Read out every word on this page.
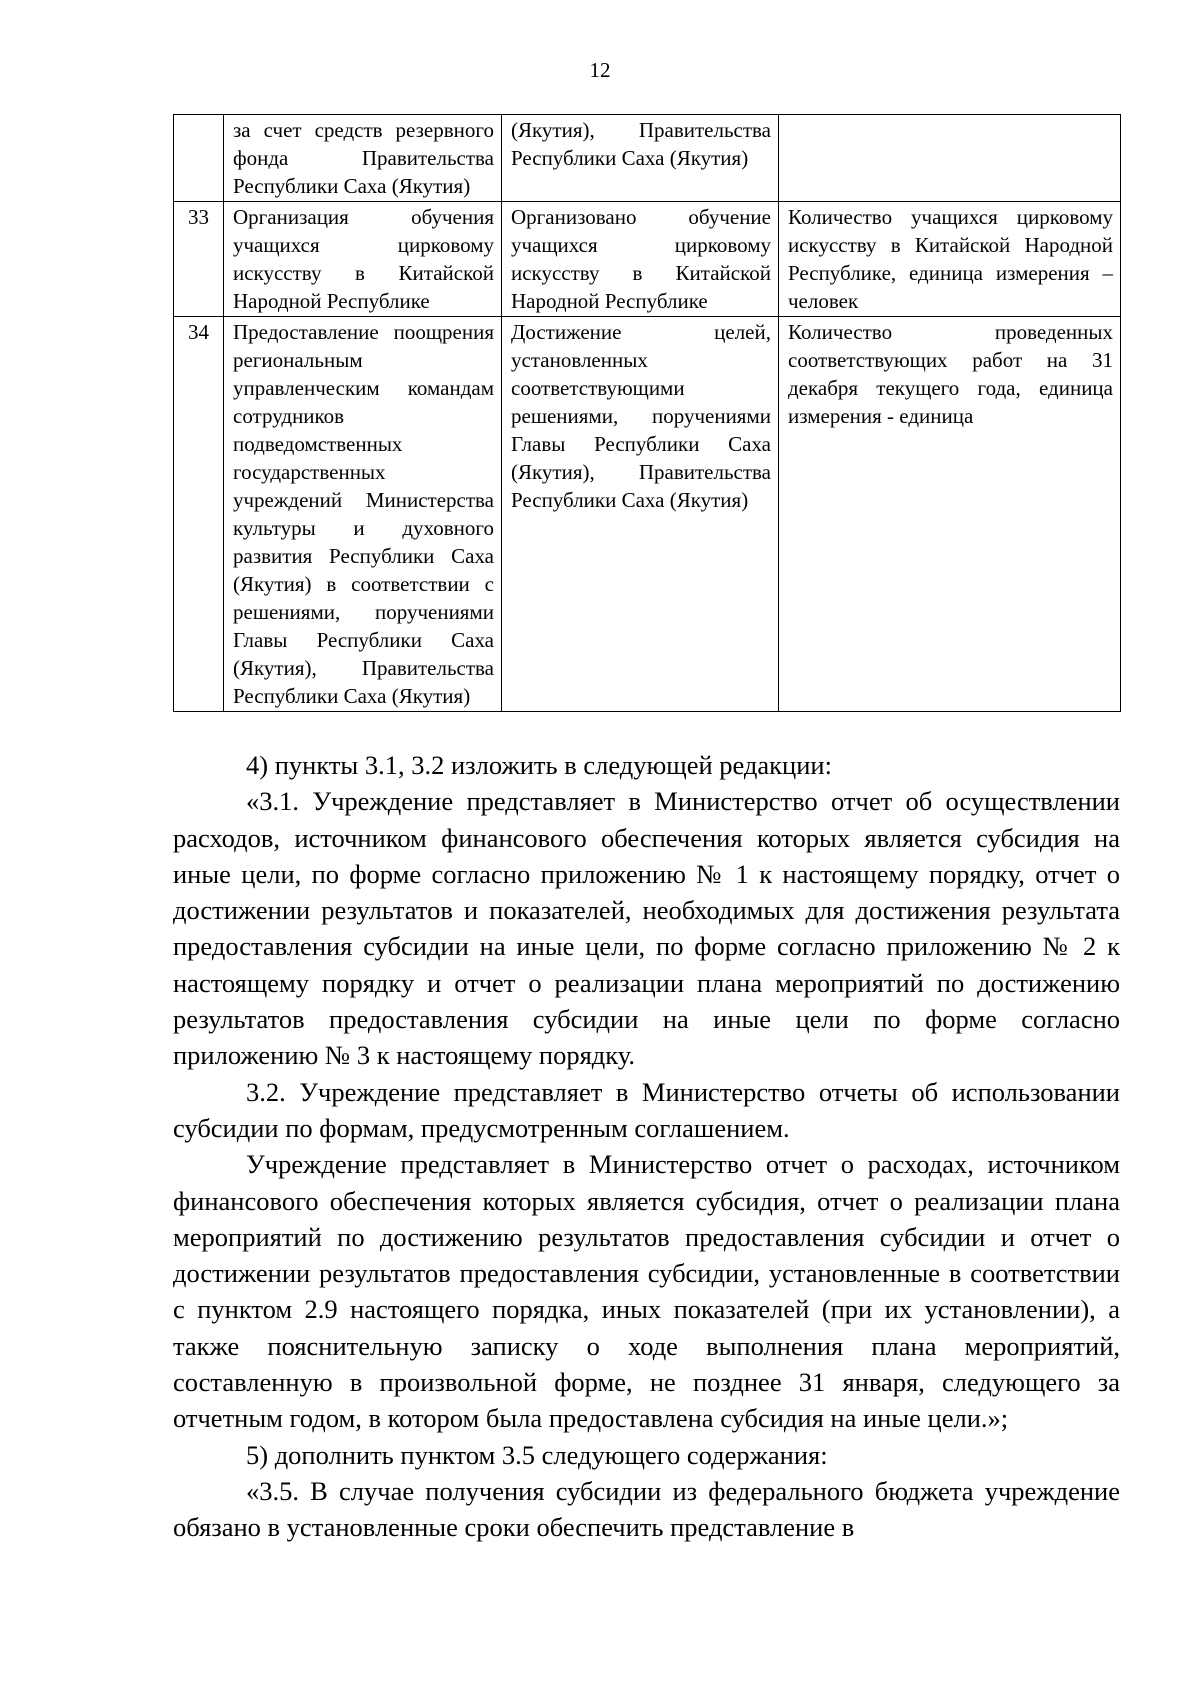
12
	за счет средств резервного фонда Правительства Республики Саха (Якутия)	(Якутия), Правительства Республики Саха (Якутия)	
33	Организация обучения учащихся цирковому искусству в Китайской Народной Республике	Организовано обучение учащихся цирковому искусству в Китайской Народной Республике	Количество учащихся цирковому искусству в Китайской Народной Республике, единица измерения – человек
34	Предоставление поощрения региональным управленческим командам сотрудников подведомственных государственных учреждений Министерства культуры и духовного развития Республики Саха (Якутия) в соответствии с решениями, поручениями Главы Республики Саха (Якутия), Правительства Республики Саха (Якутия)	Достижение целей, установленных соответствующими решениями, поручениями Главы Республики Саха (Якутия), Правительства Республики Саха (Якутия)	Количество проведенных соответствующих работ на 31 декабря текущего года, единица измерения - единица

4) пункты 3.1, 3.2 изложить в следующей редакции:

«3.1. Учреждение представляет в Министерство отчет об осуществлении расходов, источником финансового обеспечения которых является субсидия на иные цели, по форме согласно приложению № 1 к настоящему порядку, отчет о достижении результатов и показателей, необходимых для достижения результата предоставления субсидии на иные цели, по форме согласно приложению № 2 к настоящему порядку и отчет о реализации плана мероприятий по достижению результатов предоставления субсидии на иные цели по форме согласно приложению № 3 к настоящему порядку.

3.2. Учреждение представляет в Министерство отчеты об использовании субсидии по формам, предусмотренным соглашением.

Учреждение представляет в Министерство отчет о расходах, источником финансового обеспечения которых является субсидия, отчет о реализации плана мероприятий по достижению результатов предоставления субсидии и отчет о достижении результатов предоставления субсидии, установленные в соответствии с пунктом 2.9 настоящего порядка, иных показателей (при их установлении), а также пояснительную записку о ходе выполнения плана мероприятий, составленную в произвольной форме, не позднее 31 января, следующего за отчетным годом, в котором была предоставлена субсидия на иные цели.»;

5) дополнить пунктом 3.5 следующего содержания:

«3.5. В случае получения субсидии из федерального бюджета учреждение обязано в установленные сроки обеспечить представление в
